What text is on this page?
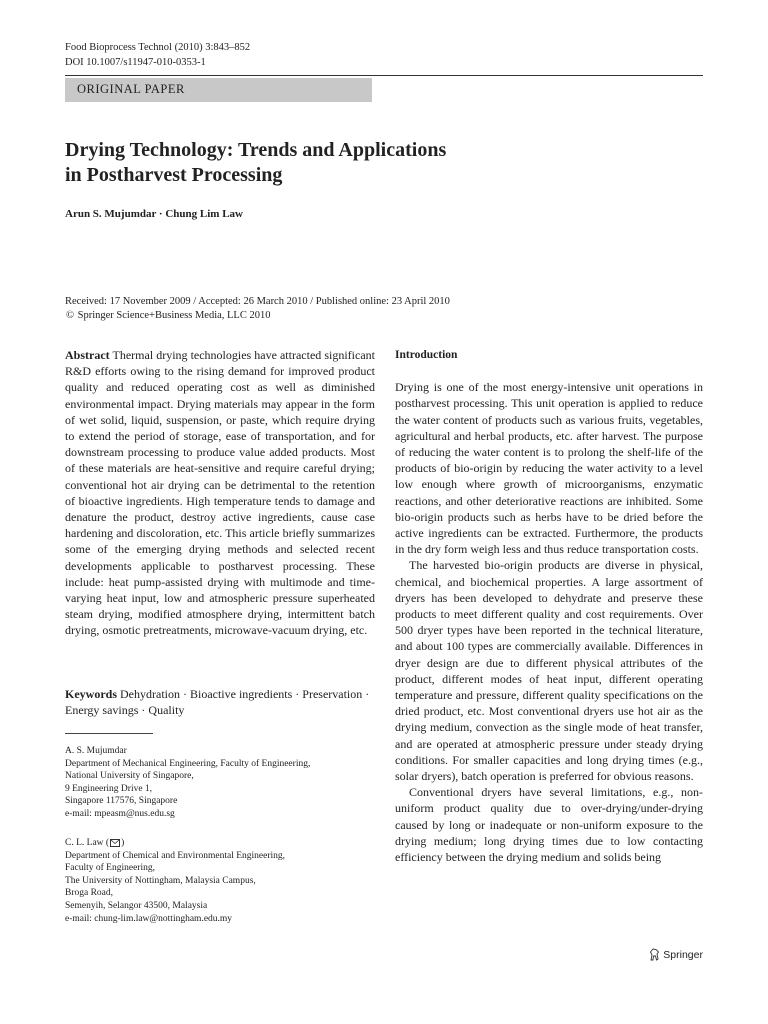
Food Bioprocess Technol (2010) 3:843–852
DOI 10.1007/s11947-010-0353-1
ORIGINAL PAPER
Drying Technology: Trends and Applications
in Postharvest Processing
Arun S. Mujumdar · Chung Lim Law
Received: 17 November 2009 / Accepted: 26 March 2010 / Published online: 23 April 2010
© Springer Science+Business Media, LLC 2010

Abstract Thermal drying technologies have attracted significant R&D efforts owing to the rising demand for improved product quality and reduced operating cost as well as diminished environmental impact. Drying materials may appear in the form of wet solid, liquid, suspension, or paste, which require drying to extend the period of storage, ease of transportation, and for downstream processing to produce value added products. Most of these materials are heat-sensitive and require careful drying; conventional hot air drying can be detrimental to the retention of bioactive ingredients. High temperature tends to damage and denature the product, destroy active ingredients, cause case hardening and discoloration, etc. This article briefly summarizes some of the emerging drying methods and selected recent developments applicable to postharvest processing. These include: heat pump-assisted drying with multimode and time-varying heat input, low and atmospheric pressure superheated steam drying, modified atmosphere drying, intermittent batch drying, osmotic pretreatments, microwave-vacuum drying, etc.

Keywords Dehydration · Bioactive ingredients · Preservation · Energy savings · Quality
A. S. Mujumdar
Department of Mechanical Engineering, Faculty of Engineering,
National University of Singapore,
9 Engineering Drive 1,
Singapore 117576, Singapore
e-mail: mpeasm@nus.edu.sg
C. L. Law ( )
Department of Chemical and Environmental Engineering,
Faculty of Engineering,
The University of Nottingham, Malaysia Campus,
Broga Road,
Semenyih, Selangor 43500, Malaysia
e-mail: chung-lim.law@nottingham.edu.my

Introduction

Drying is one of the most energy-intensive unit operations in postharvest processing. This unit operation is applied to reduce the water content of products such as various fruits, vegetables, agricultural and herbal products, etc. after harvest. The purpose of reducing the water content is to prolong the shelf-life of the products of bio-origin by reducing the water activity to a level low enough where growth of microorganisms, enzymatic reactions, and other deteriorative reactions are inhibited. Some bio-origin products such as herbs have to be dried before the active ingredients can be extracted. Furthermore, the products in the dry form weigh less and thus reduce transportation costs.

The harvested bio-origin products are diverse in physical, chemical, and biochemical properties. A large assortment of dryers has been developed to dehydrate and preserve these products to meet different quality and cost requirements. Over 500 dryer types have been reported in the technical literature, and about 100 types are commercially available. Differences in dryer design are due to different physical attributes of the product, different modes of heat input, different operating temperature and pressure, different quality specifications on the dried product, etc. Most conventional dryers use hot air as the drying medium, convection as the single mode of heat transfer, and are operated at atmospheric pressure under steady drying conditions. For smaller capacities and long drying times (e.g., solar dryers), batch operation is preferred for obvious reasons.

Conventional dryers have several limitations, e.g., non-uniform product quality due to over-drying/under-drying caused by long or inadequate or non-uniform exposure to the drying medium; long drying times due to low contacting efficiency between the drying medium and solids being

Springer
